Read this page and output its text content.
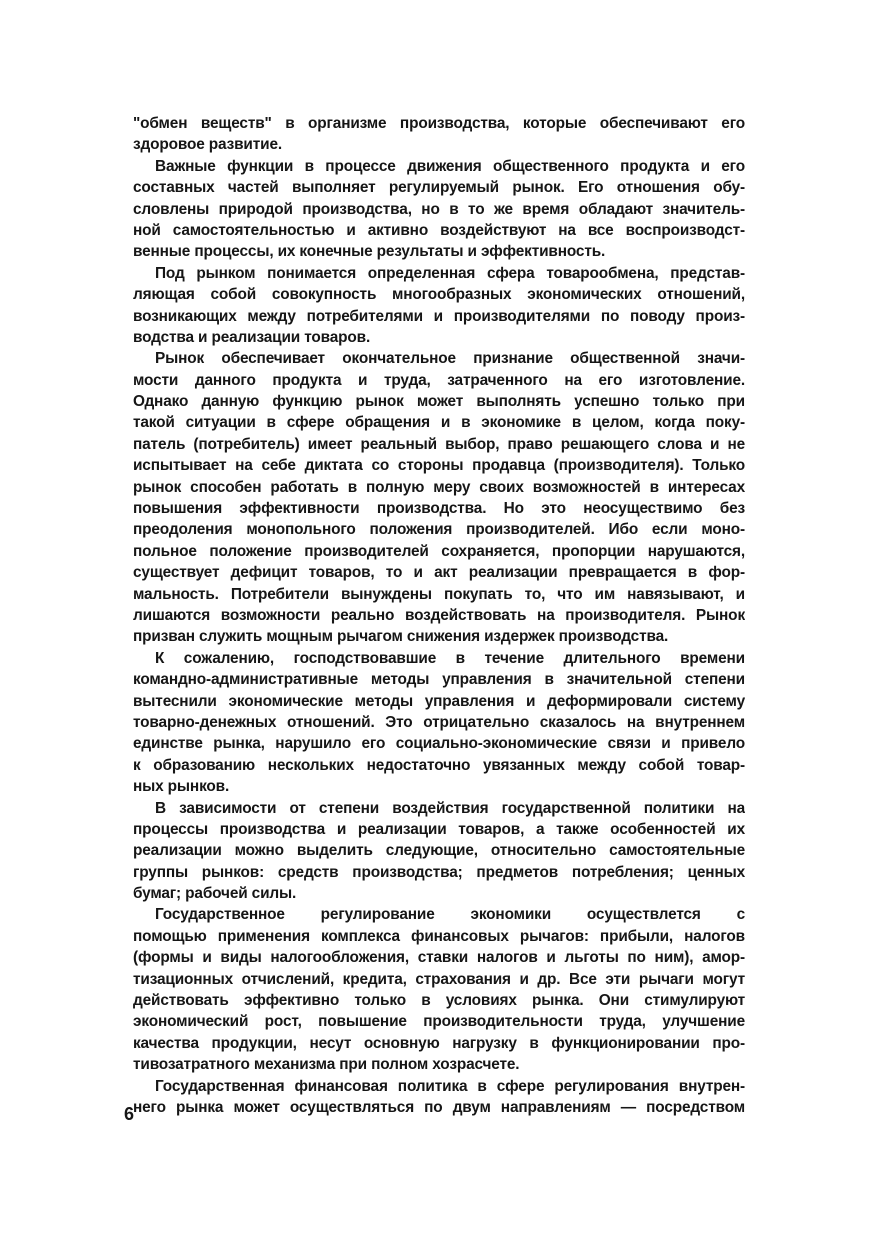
"обмен веществ" в организме производства, которые обеспечивают его
здоровое развитие.
Важные функции в процессе движения общественного продукта и его
составных частей выполняет регулируемый рынок. Его отношения обу-
словлены природой производства, но в то же время обладают значитель-
ной самостоятельностью и активно воздействуют на все воспроизводст-
венные процессы, их конечные результаты и эффективность.
Под рынком понимается определенная сфера товарообмена, представ-
ляющая собой совокупность многообразных экономических отношений,
возникающих между потребителями и производителями по поводу произ-
водства и реализации товаров.
Рынок обеспечивает окончательное признание общественной значи-
мости данного продукта и труда, затраченного на его изготовление.
Однако данную функцию рынок может выполнять успешно только при
такой ситуации в сфере обращения и в экономике в целом, когда поку-
патель (потребитель) имеет реальный выбор, право решающего слова и не
испытывает на себе диктата со стороны продавца (производителя). Только
рынок способен работать в полную меру своих возможностей в интересах
повышения эффективности производства. Но это неосуществимо без
преодоления монопольного положения производителей. Ибо если моно-
польное положение производителей сохраняется, пропорции нарушаются,
существует дефицит товаров, то и акт реализации превращается в фор-
мальность. Потребители вынуждены покупать то, что им навязывают, и
лишаются возможности реально воздействовать на производителя. Рынок
призван служить мощным рычагом снижения издержек производства.
К сожалению, господствовавшие в течение длительного времени
командно-административные методы управления в значительной степени
вытеснили экономические методы управления и деформировали систему
товарно-денежных отношений. Это отрицательно сказалось на внутреннем
единстве рынка, нарушило его социально-экономические связи и привело
к образованию нескольких недостаточно увязанных между собой товар-
ных рынков.
В зависимости от степени воздействия государственной политики на
процессы производства и реализации товаров, а также особенностей их
реализации можно выделить следующие, относительно самостоятельные
группы рынков: средств производства; предметов потребления; ценных
бумаг; рабочей силы.
Государственное регулирование экономики осуществлется с
помощью применения комплекса финансовых рычагов: прибыли, налогов
(формы и виды налогообложения, ставки налогов и льготы по ним), амор-
тизационных отчислений, кредита, страхования и др. Все эти рычаги могут
действовать эффективно только в условиях рынка. Они стимулируют
экономический рост, повышение производительности труда, улучшение
качества продукции, несут основную нагрузку в функционировании про-
тивозатратного механизма при полном хозрасчете.
Государственная финансовая политика в сфере регулирования внутрен-
него рынка может осуществляться по двум направлениям — посредством
6
